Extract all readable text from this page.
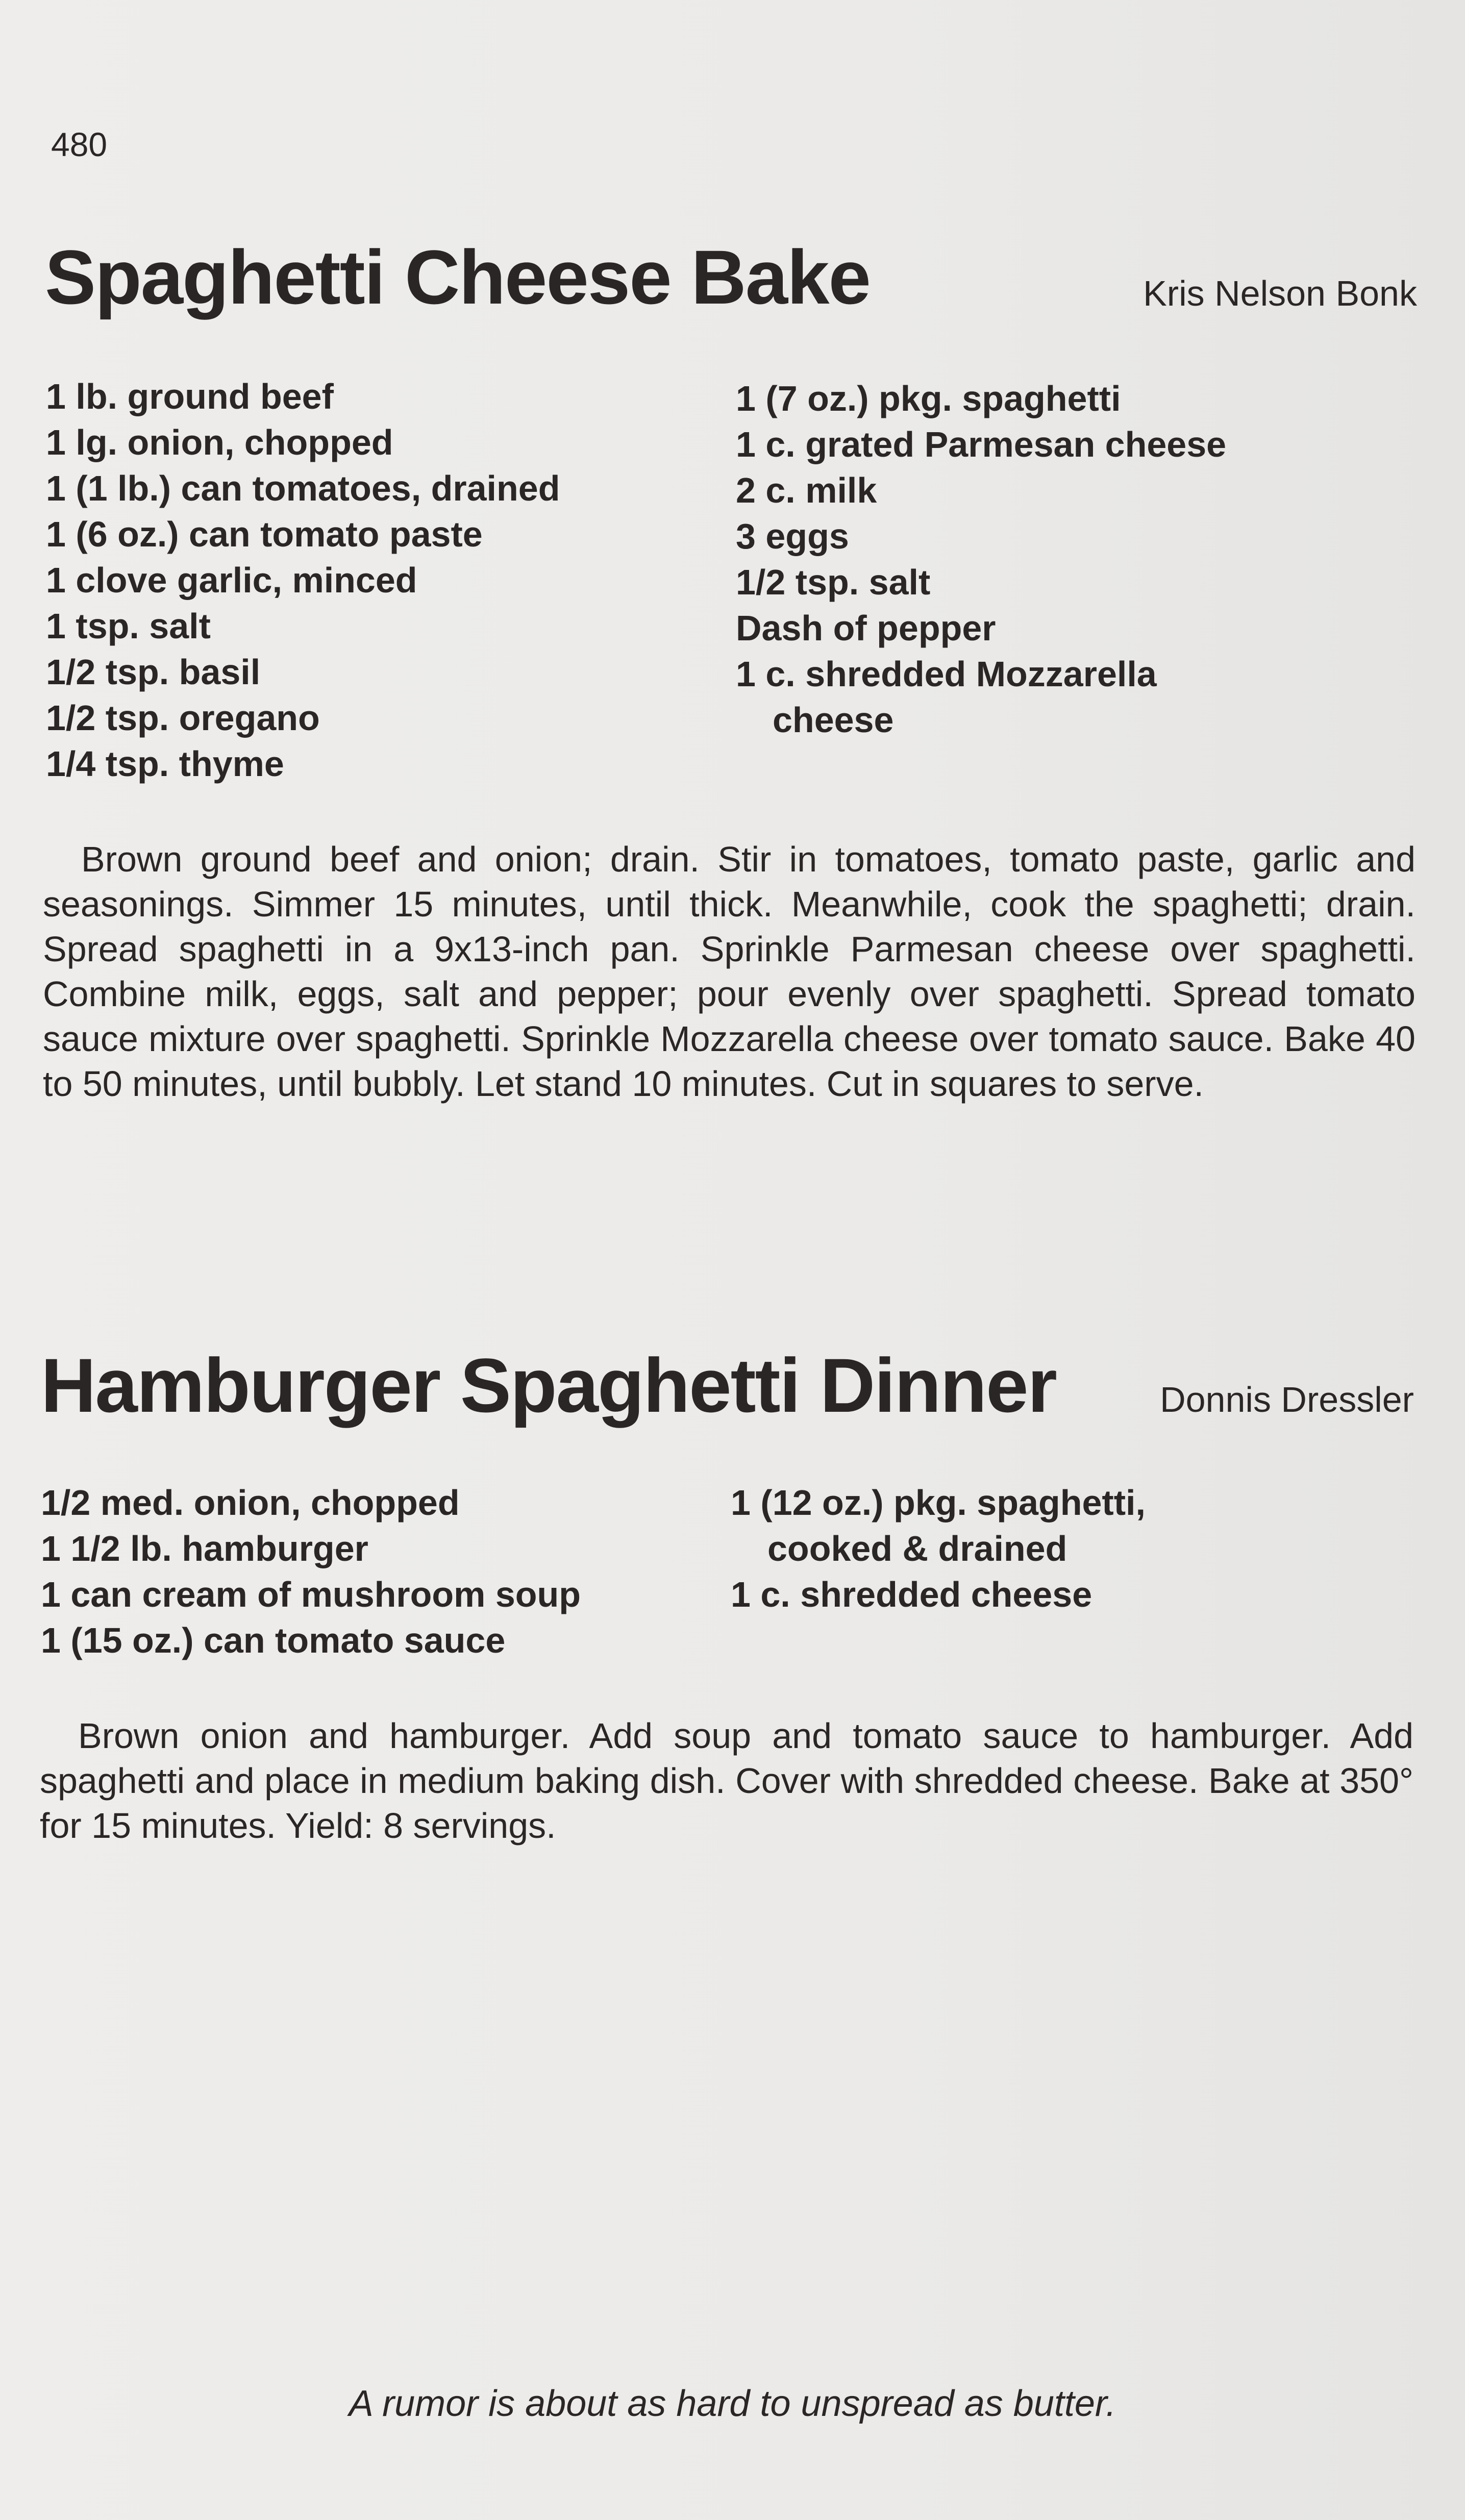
480
Spaghetti Cheese Bake	Kris Nelson Bonk
1 lb. ground beef
1 lg. onion, chopped
1 (1 lb.) can tomatoes, drained
1 (6 oz.) can tomato paste
1 clove garlic, minced
1 tsp. salt
1/2 tsp. basil
1/2 tsp. oregano
1/4 tsp. thyme
1 (7 oz.) pkg. spaghetti
1 c. grated Parmesan cheese
2 c. milk
3 eggs
1/2 tsp. salt
Dash of pepper
1 c. shredded Mozzarella
cheese

Brown ground beef and onion; drain. Stir in tomatoes, tomato paste, garlic and seasonings. Simmer 15 minutes, until thick. Meanwhile, cook the spaghetti; drain. Spread spaghetti in a 9x13-inch pan. Sprinkle Parmesan cheese over spaghetti. Combine milk, eggs, salt and pepper; pour evenly over spaghetti. Spread tomato sauce mixture over spaghetti. Sprinkle Mozzarella cheese over tomato sauce. Bake 40 to 50 minutes, until bubbly. Let stand 10 minutes. Cut in squares to serve.

Hamburger Spaghetti Dinner	Donnis Dressler
1/2 med. onion, chopped
1 1/2 lb. hamburger
1 can cream of mushroom soup
1 (15 oz.) can tomato sauce
1 (12 oz.) pkg. spaghetti,
cooked & drained
1 c. shredded cheese

Brown onion and hamburger. Add soup and tomato sauce to hamburger. Add spaghetti and place in medium baking dish. Cover with shredded cheese. Bake at 350° for 15 minutes. Yield: 8 servings.

A rumor is about as hard to unspread as butter.
